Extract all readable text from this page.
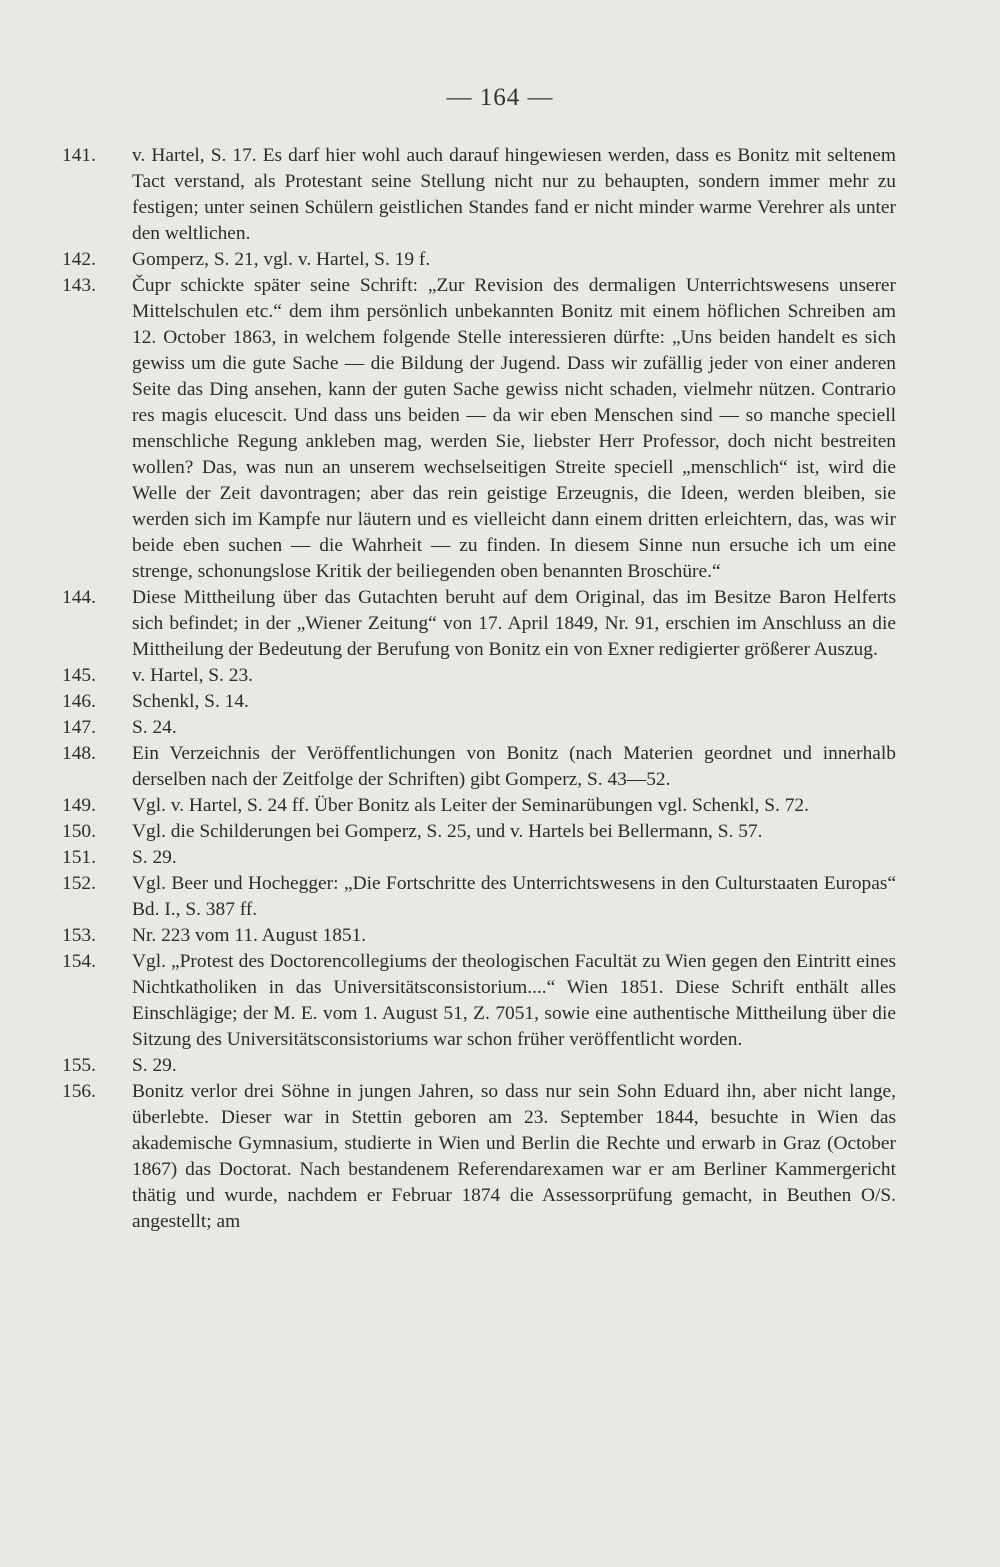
— 164 —
141. v. Hartel, S. 17. Es darf hier wohl auch darauf hingewiesen werden, dass es Bonitz mit seltenem Tact verstand, als Protestant seine Stellung nicht nur zu behaupten, sondern immer mehr zu festigen; unter seinen Schülern geistlichen Standes fand er nicht minder warme Verehrer als unter den weltlichen.
142. Gomperz, S. 21, vgl. v. Hartel, S. 19 f.
143. Čupr schickte später seine Schrift: „Zur Revision des dermaligen Unterrichtswesens unserer Mittelschulen etc.“ dem ihm persönlich unbekannten Bonitz mit einem höflichen Schreiben am 12. October 1863, in welchem folgende Stelle interessieren dürfte: „Uns beiden handelt es sich gewiss um die gute Sache — die Bildung der Jugend. Dass wir zufällig jeder von einer anderen Seite das Ding ansehen, kann der guten Sache gewiss nicht schaden, vielmehr nützen. Contrario res magis elucescit. Und dass uns beiden — da wir eben Menschen sind — so manche speciell menschliche Regung ankleben mag, werden Sie, liebster Herr Professor, doch nicht bestreiten wollen? Das, was nun an unserem wechselseitigen Streite speciell „menschlich“ ist, wird die Welle der Zeit davontragen; aber das rein geistige Erzeugnis, die Ideen, werden bleiben, sie werden sich im Kampfe nur läutern und es vielleicht dann einem dritten erleichtern, das, was wir beide eben suchen — die Wahrheit — zu finden. In diesem Sinne nun ersuche ich um eine strenge, schonungslose Kritik der beiliegenden oben benannten Broschüre.“
144. Diese Mittheilung über das Gutachten beruht auf dem Original, das im Besitze Baron Helferts sich befindet; in der „Wiener Zeitung“ von 17. April 1849, Nr. 91, erschien im Anschluss an die Mittheilung der Bedeutung der Berufung von Bonitz ein von Exner redigierter größerer Auszug.
145. v. Hartel, S. 23.
146. Schenkl, S. 14.
147. S. 24.
148. Ein Verzeichnis der Veröffentlichungen von Bonitz (nach Materien geordnet und innerhalb derselben nach der Zeitfolge der Schriften) gibt Gomperz, S. 43—52.
149. Vgl. v. Hartel, S. 24 ff. Über Bonitz als Leiter der Seminarübungen vgl. Schenkl, S. 72.
150. Vgl. die Schilderungen bei Gomperz, S. 25, und v. Hartels bei Bellermann, S. 57.
151. S. 29.
152. Vgl. Beer und Hochegger: „Die Fortschritte des Unterrichtswesens in den Culturstaaten Europas“ Bd. I., S. 387 ff.
153. Nr. 223 vom 11. August 1851.
154. Vgl. „Protest des Doctorencollegiums der theologischen Facultät zu Wien gegen den Eintritt eines Nichtkatholiken in das Universitätsconsistorium....“ Wien 1851. Diese Schrift enthält alles Einschlägige; der M. E. vom 1. August 51, Z. 7051, sowie eine authentische Mittheilung über die Sitzung des Universitätsconsistoriums war schon früher veröffentlicht worden.
155. S. 29.
156. Bonitz verlor drei Söhne in jungen Jahren, so dass nur sein Sohn Eduard ihn, aber nicht lange, überlebte. Dieser war in Stettin geboren am 23. September 1844, besuchte in Wien das akademische Gymnasium, studierte in Wien und Berlin die Rechte und erwarb in Graz (October 1867) das Doctorat. Nach bestandenem Referendarexamen war er am Berliner Kammergericht thätig und wurde, nachdem er Februar 1874 die Assessorprüfung gemacht, in Beuthen O/S. angestellt; am
